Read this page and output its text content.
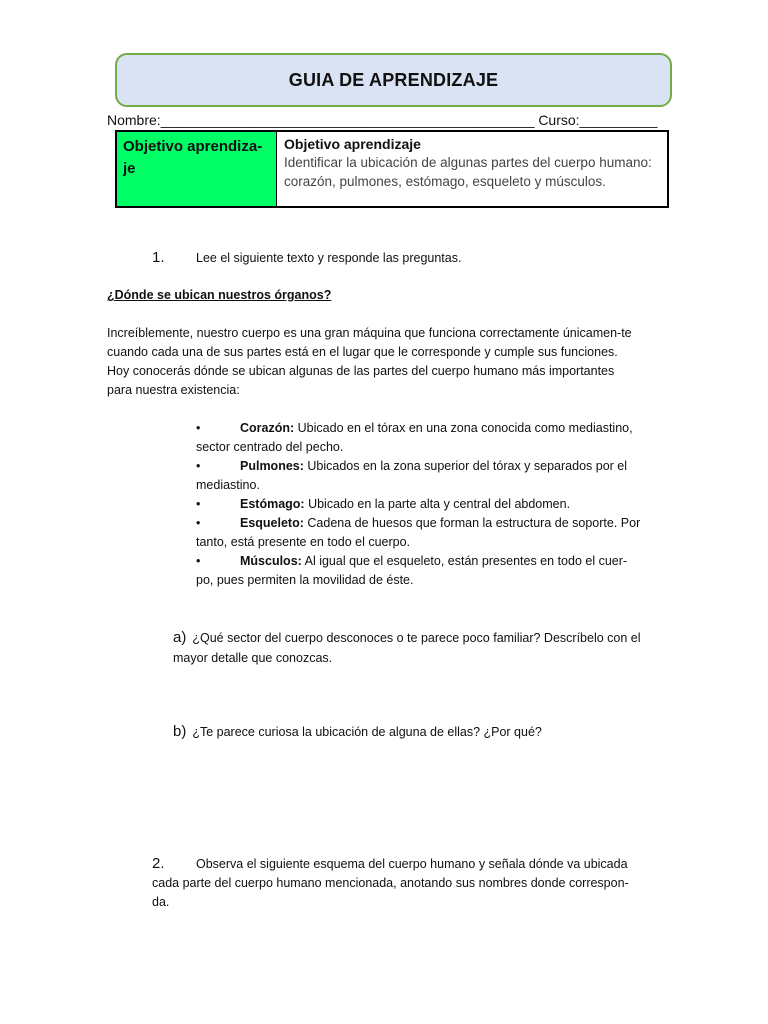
GUIA DE APRENDIZAJE
Nombre:________________________________________________ Curso:__________
Objetivo aprendiza-je
Objetivo aprendizaje
Identificar la ubicación de algunas partes del cuerpo humano: corazón, pulmones, estómago, esqueleto y músculos.
1.	Lee el siguiente texto y responde las preguntas.
¿Dónde se ubican nuestros órganos?

Increíblemente, nuestro cuerpo es una gran máquina que funciona correctamente únicamen-te cuando cada una de sus partes está en el lugar que le corresponde y cumple sus funciones. Hoy conocerás dónde se ubican algunas de las partes del cuerpo humano más importantes para nuestra existencia:

•	Corazón: Ubicado en el tórax en una zona conocida como mediastino, sector centrado del pecho.
•	Pulmones: Ubicados en la zona superior del tórax y separados por el mediastino.
•	Estómago: Ubicado en la parte alta y central del abdomen.
•	Esqueleto: Cadena de huesos que forman la estructura de soporte. Por tanto, está presente en todo el cuerpo.
•	Músculos: Al igual que el esqueleto, están presentes en todo el cuer-po, pues permiten la movilidad de éste.
a) ¿Qué sector del cuerpo desconoces o te parece poco familiar? Descríbelo con el mayor detalle que conozcas.
b) ¿Te parece curiosa la ubicación de alguna de ellas? ¿Por qué?
2.	Observa el siguiente esquema del cuerpo humano y señala dónde va ubicada cada parte del cuerpo humano mencionada, anotando sus nombres donde correspon-da.
